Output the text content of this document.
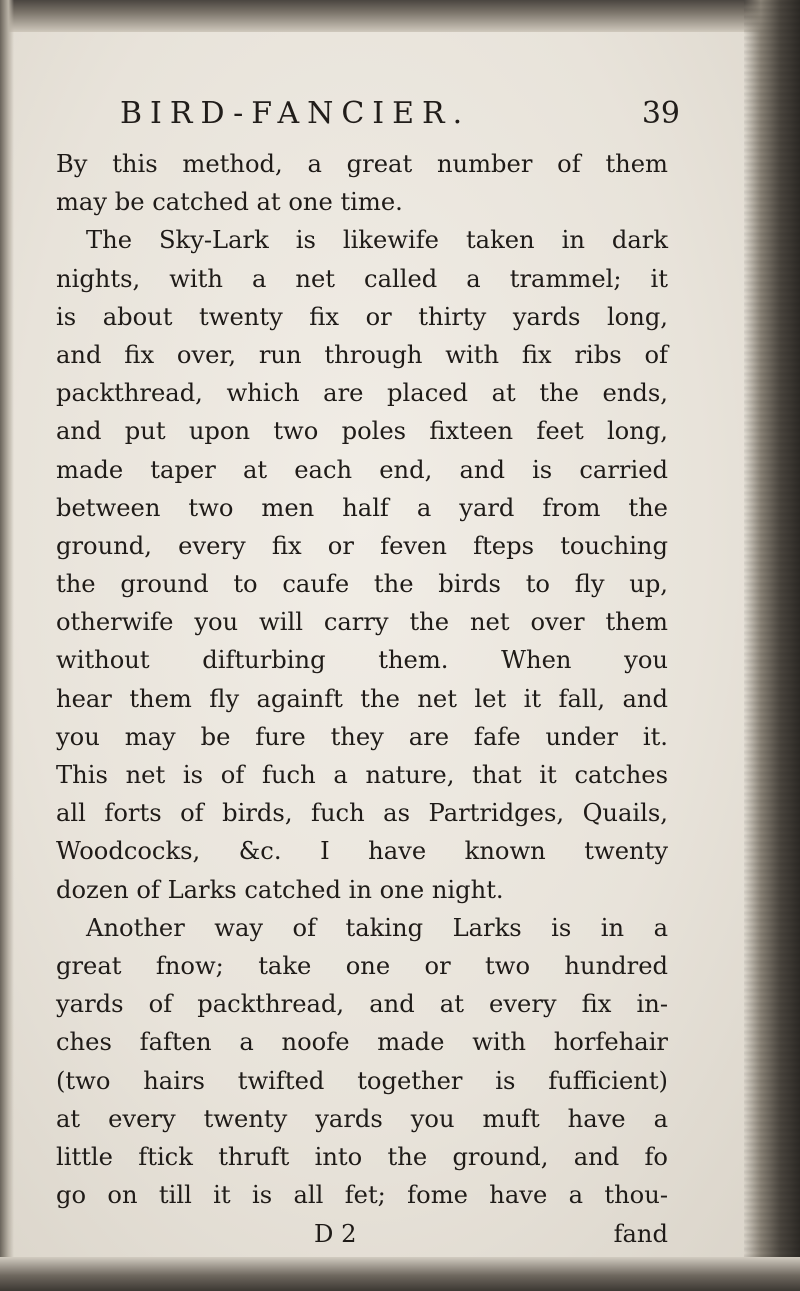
BIRD-FANCIER.	39
By this method, a great number of them
may be catched at one time.
The Sky-Lark is likewife taken in dark
nights, with a net called a trammel; it
is about twenty fix or thirty yards long,
and fix over, run through with fix ribs of
packthread, which are placed at the ends,
and put upon two poles fixteen feet long,
made taper at each end, and is carried
between two men half a yard from the
ground, every fix or feven fteps touching
the ground to caufe the birds to fly up,
otherwife you will carry the net over them
without difturbing them. When you
hear them fly againft the net let it fall, and
you may be fure they are fafe under it.
This net is of fuch a nature, that it catches
all forts of birds, fuch as Partridges, Quails,
Woodcocks, &c. I have known twenty
dozen of Larks catched in one night.
Another way of taking Larks is in a
great fnow; take one or two hundred
yards of packthread, and at every fix in-
ches faften a noofe made with horfehair
(two hairs twifted together is fufficient)
at every twenty yards you muft have a
little ftick thruft into the ground, and fo
go on till it is all fet; fome have a thou-
D 2	fand
